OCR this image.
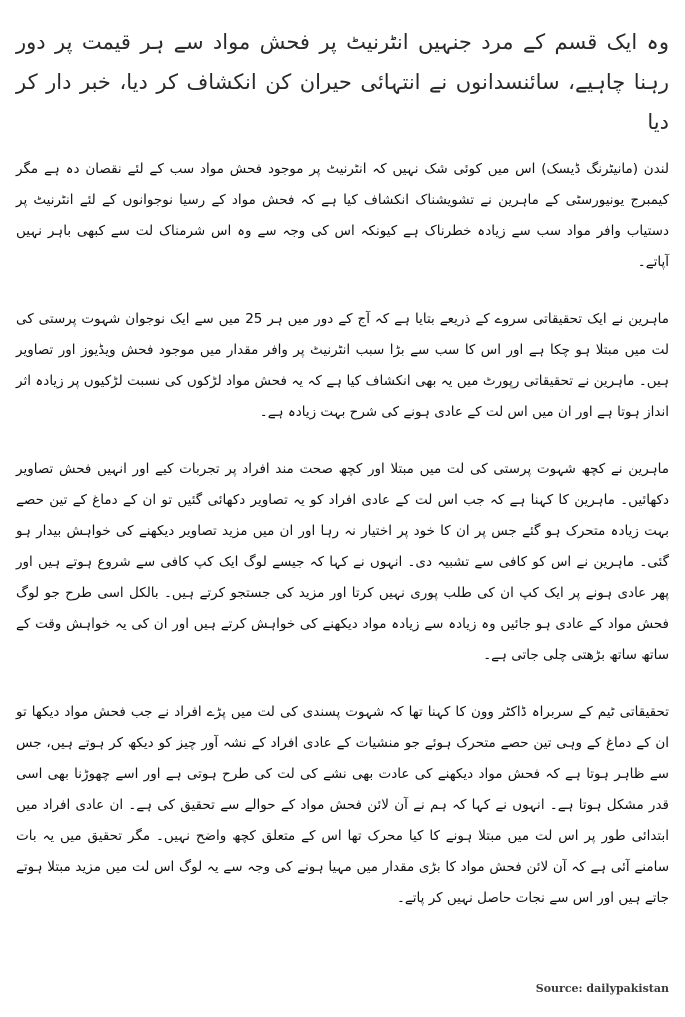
وہ ایک قسم کے مرد جنہیں انٹرنیٹ پر فحش مواد سے ہر قیمت پر دور رہنا چاہیے، سائنسدانوں نے انتہائی حیران کن انکشاف کر دیا، خبر دار کر دیا

لندن (مانیٹرنگ ڈیسک) اس میں کوئی شک نہیں کہ انٹرنیٹ پر موجود فحش مواد سب کے لئے نقصان دہ ہے مگر کیمبرج یونیورسٹی کے ماہرین نے تشویشناک انکشاف کیا ہے کہ فحش مواد کے رسیا نوجوانوں کے لئے انٹرنیٹ پر دستیاب وافر مواد سب سے زیادہ خطرناک ہے کیونکہ اس کی وجہ سے وہ اس شرمناک لت سے کبھی باہر نہیں آپاتے۔

ماہرین نے ایک تحقیقاتی سروے کے ذریعے بتایا ہے کہ آج کے دور میں ہر 25 میں سے ایک نوجوان شہوت پرستی کی لت میں مبتلا ہو چکا ہے اور اس کا سب سے بڑا سبب انٹرنیٹ پر وافر مقدار میں موجود فحش ویڈیوز اور تصاویر ہیں۔ ماہرین نے تحقیقاتی رپورٹ میں یہ بھی انکشاف کیا ہے کہ یہ فحش مواد لڑکوں کی نسبت لڑکیوں پر زیادہ اثر انداز ہوتا ہے اور ان میں اس لت کے عادی ہونے کی شرح بہت زیادہ ہے۔

ماہرین نے کچھ شہوت پرستی کی لت میں مبتلا اور کچھ صحت مند افراد پر تجربات کیے اور انہیں فحش تصاویر دکھائیں۔ ماہرین کا کہنا ہے کہ جب اس لت کے عادی افراد کو یہ تصاویر دکھائی گئیں تو ان کے دماغ کے تین حصے بہت زیادہ متحرک ہو گئے جس پر ان کا خود پر اختیار نہ رہا اور ان میں مزید تصاویر دیکھنے کی خواہش بیدار ہو گئی۔ ماہرین نے اس کو کافی سے تشبیہ دی۔ انہوں نے کہا کہ جیسے لوگ ایک کپ کافی سے شروع ہوتے ہیں اور پھر عادی ہونے پر ایک کپ ان کی طلب پوری نہیں کرتا اور مزید کی جستجو کرتے ہیں۔ بالکل اسی طرح جو لوگ فحش مواد کے عادی ہو جائیں وہ زیادہ سے زیادہ مواد دیکھنے کی خواہش کرتے ہیں اور ان کی یہ خواہش وقت کے ساتھ ساتھ بڑھتی چلی جاتی ہے۔

تحقیقاتی ٹیم کے سربراہ ڈاکٹر وون کا کہنا تھا کہ شہوت پسندی کی لت میں پڑے افراد نے جب فحش مواد دیکھا تو ان کے دماغ کے وہی تین حصے متحرک ہوئے جو منشیات کے عادی افراد کے نشہ آور چیز کو دیکھ کر ہوتے ہیں، جس سے ظاہر ہوتا ہے کہ فحش مواد دیکھنے کی عادت بھی نشے کی لت کی طرح ہوتی ہے اور اسے چھوڑنا بھی اسی قدر مشکل ہوتا ہے۔ انہوں نے کہا کہ ہم نے آن لائن فحش مواد کے حوالے سے تحقیق کی ہے۔ ان عادی افراد میں ابتدائی طور پر اس لت میں مبتلا ہونے کا کیا محرک تھا اس کے متعلق کچھ واضح نہیں۔ مگر تحقیق میں یہ بات سامنے آئی ہے کہ آن لائن فحش مواد کا بڑی مقدار میں مہیا ہونے کی وجہ سے یہ لوگ اس لت میں مزید مبتلا ہوتے جاتے ہیں اور اس سے نجات حاصل نہیں کر پاتے۔

Source: dailypakistan
